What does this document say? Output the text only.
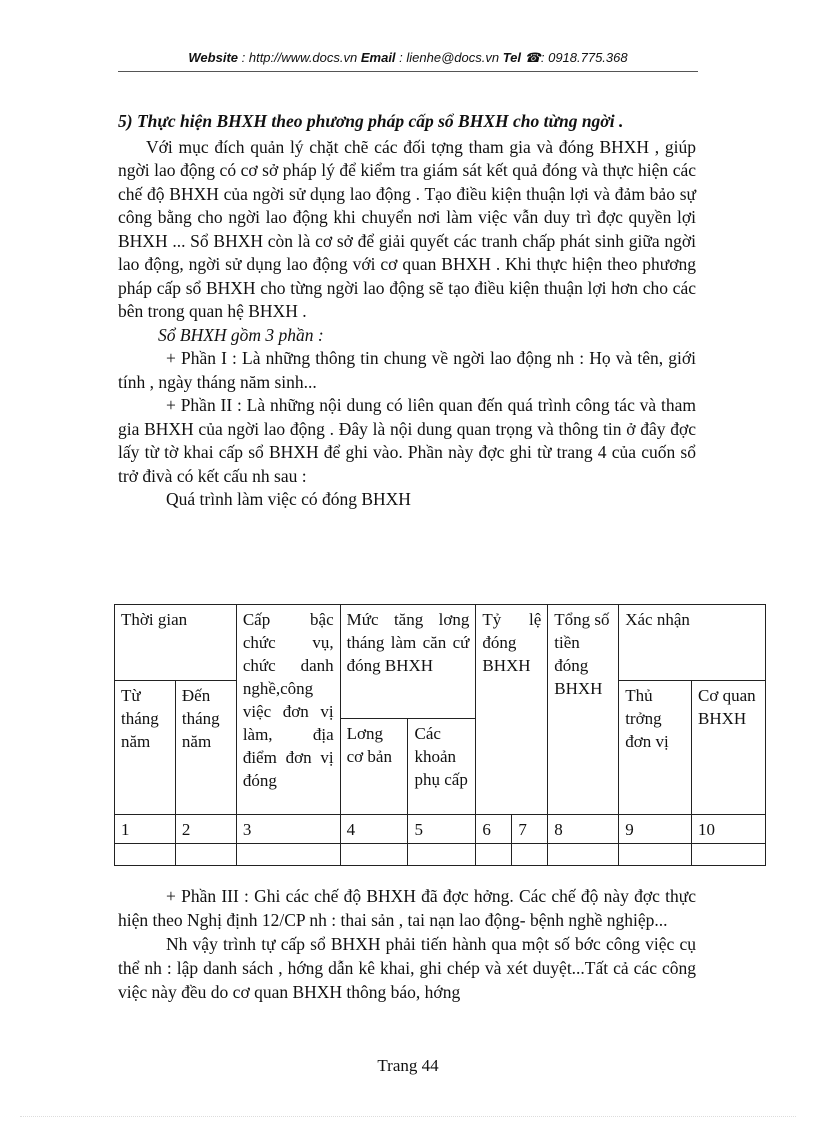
Website : http://www.docs.vn Email : lienhe@docs.vn Tel ☎: 0918.775.368
5) Thực hiện BHXH theo phương pháp cấp sổ BHXH cho từng ngời .

Với mục đích quản lý chặt chẽ các đối tợng tham gia và đóng BHXH , giúp ngời lao động có cơ sở pháp lý để kiểm tra giám sát kết quả đóng và thực hiện các chế độ BHXH của ngời sử dụng lao động . Tạo điều kiện thuận lợi và đảm bảo sự công bằng cho ngời lao động khi chuyển nơi làm việc vẫn duy trì đợc quyền lợi BHXH ... Sổ BHXH còn là cơ sở để giải quyết các tranh chấp phát sinh giữa ngời lao động, ngời sử dụng lao động với cơ quan BHXH . Khi thực hiện theo phương pháp cấp sổ BHXH cho từng ngời lao động sẽ tạo điều kiện thuận lợi hơn cho các bên trong quan hệ BHXH .

Sổ BHXH gồm 3 phần :

+ Phần I : Là những thông tin chung về ngời lao động nh : Họ và tên, giới tính , ngày tháng năm sinh...

+ Phần II : Là những nội dung có liên quan đến quá trình công tác và tham gia BHXH của ngời lao động . Đây là nội dung quan trọng và thông tin ở đây đợc lấy từ tờ khai cấp sổ BHXH để ghi vào. Phần này đợc ghi từ trang 4 của cuốn sổ trở đivà có kết cấu nh sau :

Quá trình làm việc có đóng BHXH
Thời gian		Cấp bậc chức vụ, chức danh nghề,công việc đơn vị làm, địa điểm đơn vị đóng	Mức tăng lơng tháng làm căn cứ đóng BHXH		Tỷ lệ đóng BHXH		Tổng số tiền đóng BHXH	Xác nhận	
Từ tháng năm	Đến tháng năm							Thủ trởng đơn vị	Cơ quan BHXH
			Lơng cơ bản	Các khoản phụ cấp					
1	2	3	4	5	6	7	8	9	10

+ Phần III : Ghi các chế độ BHXH đã đợc hởng. Các chế độ này đợc thực hiện theo Nghị định 12/CP nh : thai sản , tai nạn lao động- bệnh nghề nghiệp...

Nh vậy trình tự cấp sổ BHXH phải tiến hành qua một số bớc công việc cụ thể nh : lập danh sách , hớng dẫn kê khai, ghi chép và xét duyệt...Tất cả các công việc này đều do cơ quan BHXH thông báo, hớng

Trang 44
